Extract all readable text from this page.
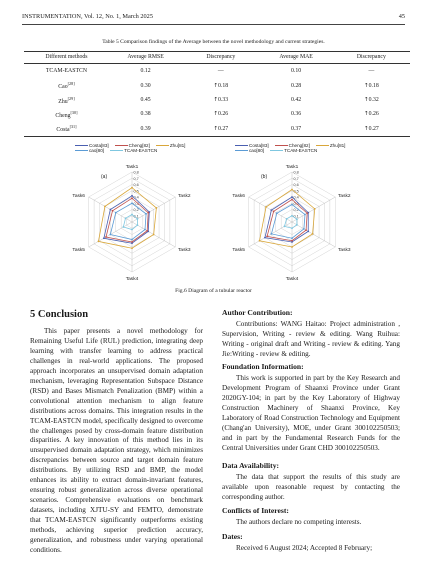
INSTRUMENTATION, Vol. 12, No. 1, March 2025	45
Table 5 Comparison findings of the Average between the novel methodology and current strategies.
Different methods	Average RMSE	Discrepancy	Average MAE	Discrepancy
TCAM-EASTCN	0.12	—	0.10	—
Cao[28]	0.30	↑0.18	0.28	↑0.18
Zhu[29]	0.45	↑0.33	0.42	↑0.32
Cheng[30]	0.38	↑0.26	0.36	↑0.26
Costa[31]	0.39	↑0.27	0.37	↑0.27
Costa[83]	Cheng[82]	Zhu[81]
cao[80]	TCAM-EASTCN
Costa[83]	Cheng[82]	Zhu[81]
cao[80]	TCAM-EASTCN
0.1
0.2
0.3
0.4
0.5
0.6
0.7
0.8
Task1
Task2
Task3
Task4
Task5
Task6
(a)
0.1
0.2
0.3
0.4
0.5
0.6
0.7
0.8
Task1
Task2
Task3
Task4
Task5
Task6
(b)
Fig.6 Diagram of a tubular reactor
5 Conclusion

This paper presents a novel methodology for Remaining Useful Life (RUL) prediction, integrating deep learning with transfer learning to address practical challenges in real-world applications. The proposed approach incorporates an unsupervised domain adaptation mechanism, leveraging Representation Subspace Distance (RSD) and Bases Mismatch Penalization (BMP) within a convolutional attention mechanism to align feature distributions across domains. This integration results in the TCAM-EASTCN model, specifically designed to overcome the challenges posed by cross-domain feature distribution disparities. A key innovation of this method lies in its unsupervised domain adaptation strategy, which minimizes discrepancies between source and target domain feature distributions. By utilizing RSD and BMP, the model enhances its ability to extract domain-invariant features, ensuring robust generalization across diverse operational scenarios. Comprehensive evaluations on benchmark datasets, including XJTU-SY and FEMTO, demonstrate that TCAM-EASTCN significantly outperforms existing methods, achieving superior prediction accuracy, generalization, and robustness under varying operational conditions.

Author Contribution:

Contributions: WANG Haitao: Project administration , Supervision, Writing - review & editing. Wang Ruihua: Writing - original draft and Writing - review & editing. Yang Jie:Writing - review & editing.

Foundation Information:

This work is supported in part by the Key Research and Development Program of Shaanxi Province under Grant 2020GY-104; in part by the Key Laboratory of Highway Construction Machinery of Shaanxi Province, Key Laboratory of Road Construction Technology and Equipment (Chang'an University), MOE, under Grant 300102250503; and in part by the Fundamental Research Funds for the Central Universities under Grant CHD 300102250503.

Data Availability:

The data that support the results of this study are available upon reasonable request by contacting the corresponding author.

Conflicts of Interest:

The authors declare no competing interests.

Dates:

Received 6 August 2024; Accepted 8 February;
